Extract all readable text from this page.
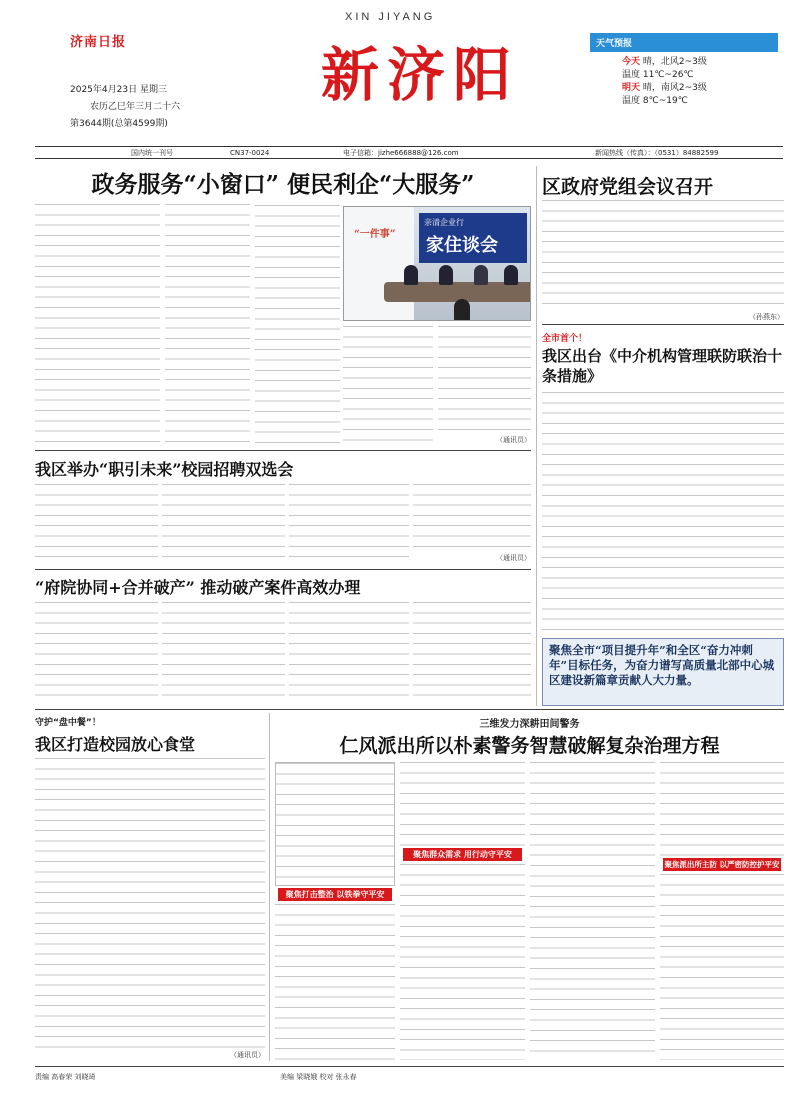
济南日报
2025年4月23日 星期三
农历乙巳年三月二十六
第3644期(总第4599期)
XIN JIYANG
新济阳	天气预报
今天 晴，北风2~3级
温度 11℃~26℃
明天 晴，南风2~3级
温度 8℃~19℃
国内统一刊号	CN37-0024	电子信箱：jizhe666888@126.com	新闻热线（传真）：（0531）84882599
政务服务“小窗口” 便民利企“大服务”
“一件事”
亲清企业行
家住谈会
（通讯员）
我区举办“职引未来”校园招聘双选会
（通讯员）
“府院协同+合并破产” 推动破产案件高效办理
区政府党组会议召开
（孙燕东）
全市首个！
我区出台《中介机构管理联防联治十条措施》
聚焦全市“项目提升年”和全区“奋力冲刺年”目标任务，为奋力谱写高质量北部中心城区建设新篇章贡献人大力量。
守护“盘中餐”！
我区打造校园放心食堂
（通讯员）
三维发力深耕田间警务
仁风派出所以朴素警务智慧破解复杂治理方程
聚焦打击整治 以铁拳守平安
聚焦群众需求 用行动守平安
聚焦派出所主防 以严密防控护平安
责编 高春荣 刘晓琦	美编 梁晓娥 校对 张永春
